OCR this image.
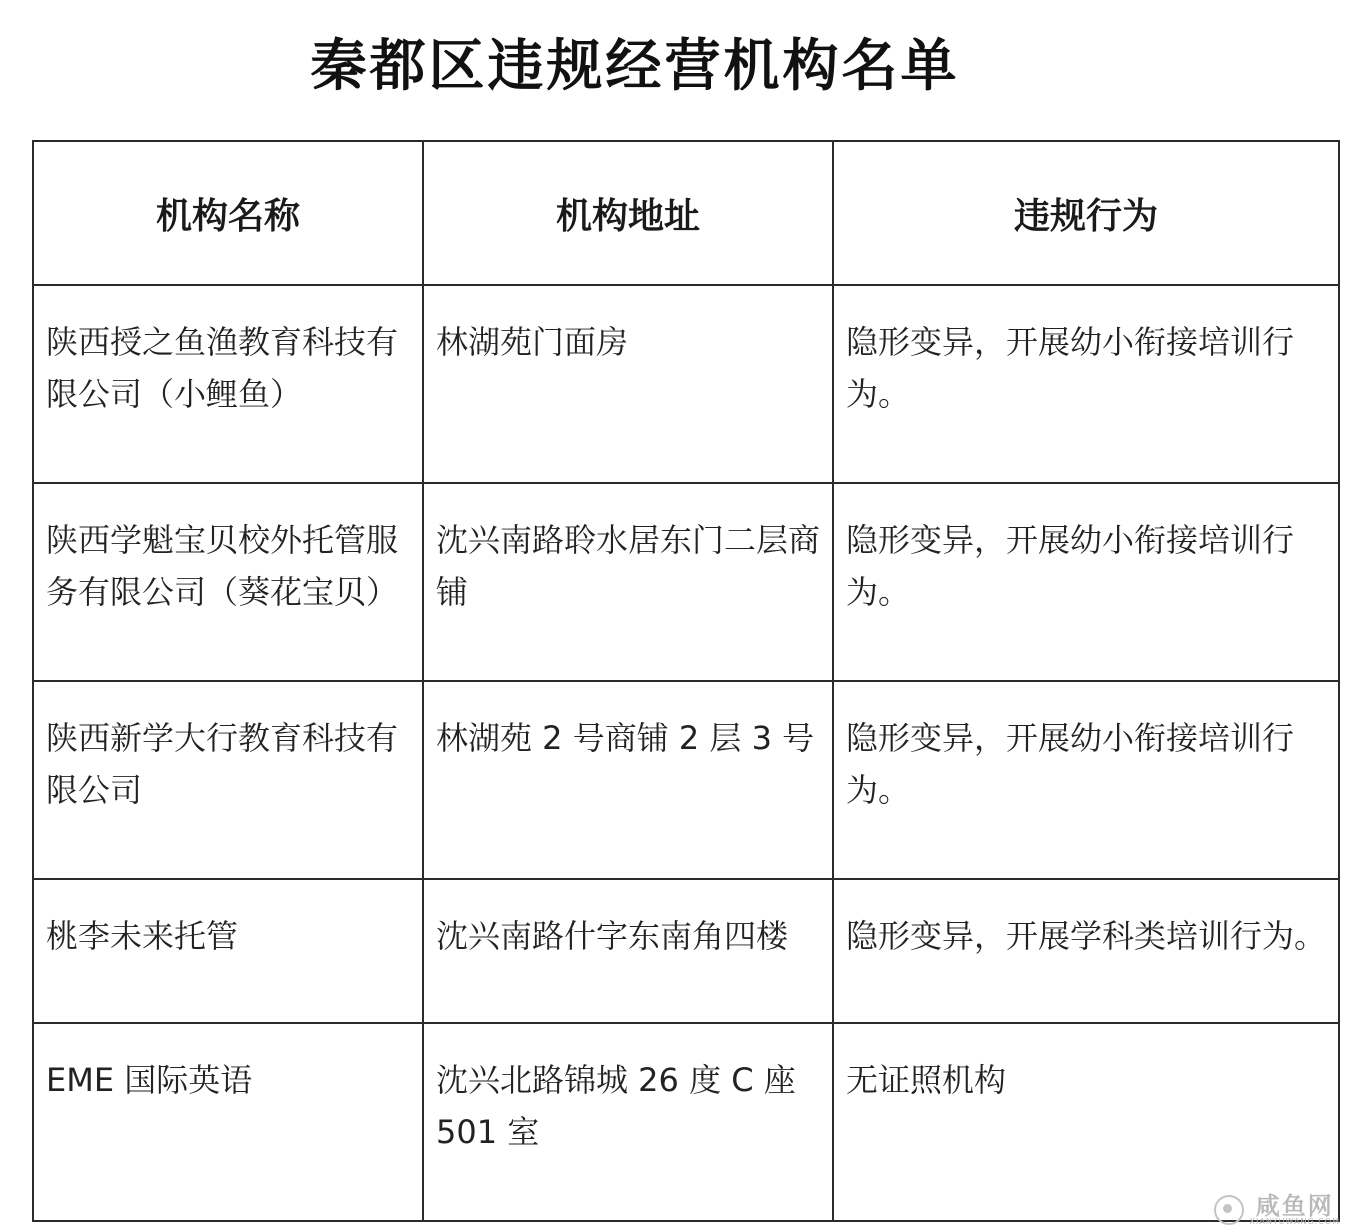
秦都区违规经营机构名单
机构名称	机构地址	违规行为
陕西授之鱼渔教育科技有限公司（小鲤鱼）	林湖苑门面房	隐形变异，开展幼小衔接培训行为。
陕西学魁宝贝校外托管服务有限公司（葵花宝贝）	沈兴南路聆水居东门二层商铺	隐形变异，开展幼小衔接培训行为。
陕西新学大行教育科技有限公司	林湖苑 2 号商铺 2 层 3 号	隐形变异，开展幼小衔接培训行为。
桃李未来托管	沈兴南路什字东南角四楼	隐形变异，开展学科类培训行为。
EME 国际英语	沈兴北路锦城 26 度 C 座 501 室	无证照机构
咸鱼网
XIANYUWANG.COM
